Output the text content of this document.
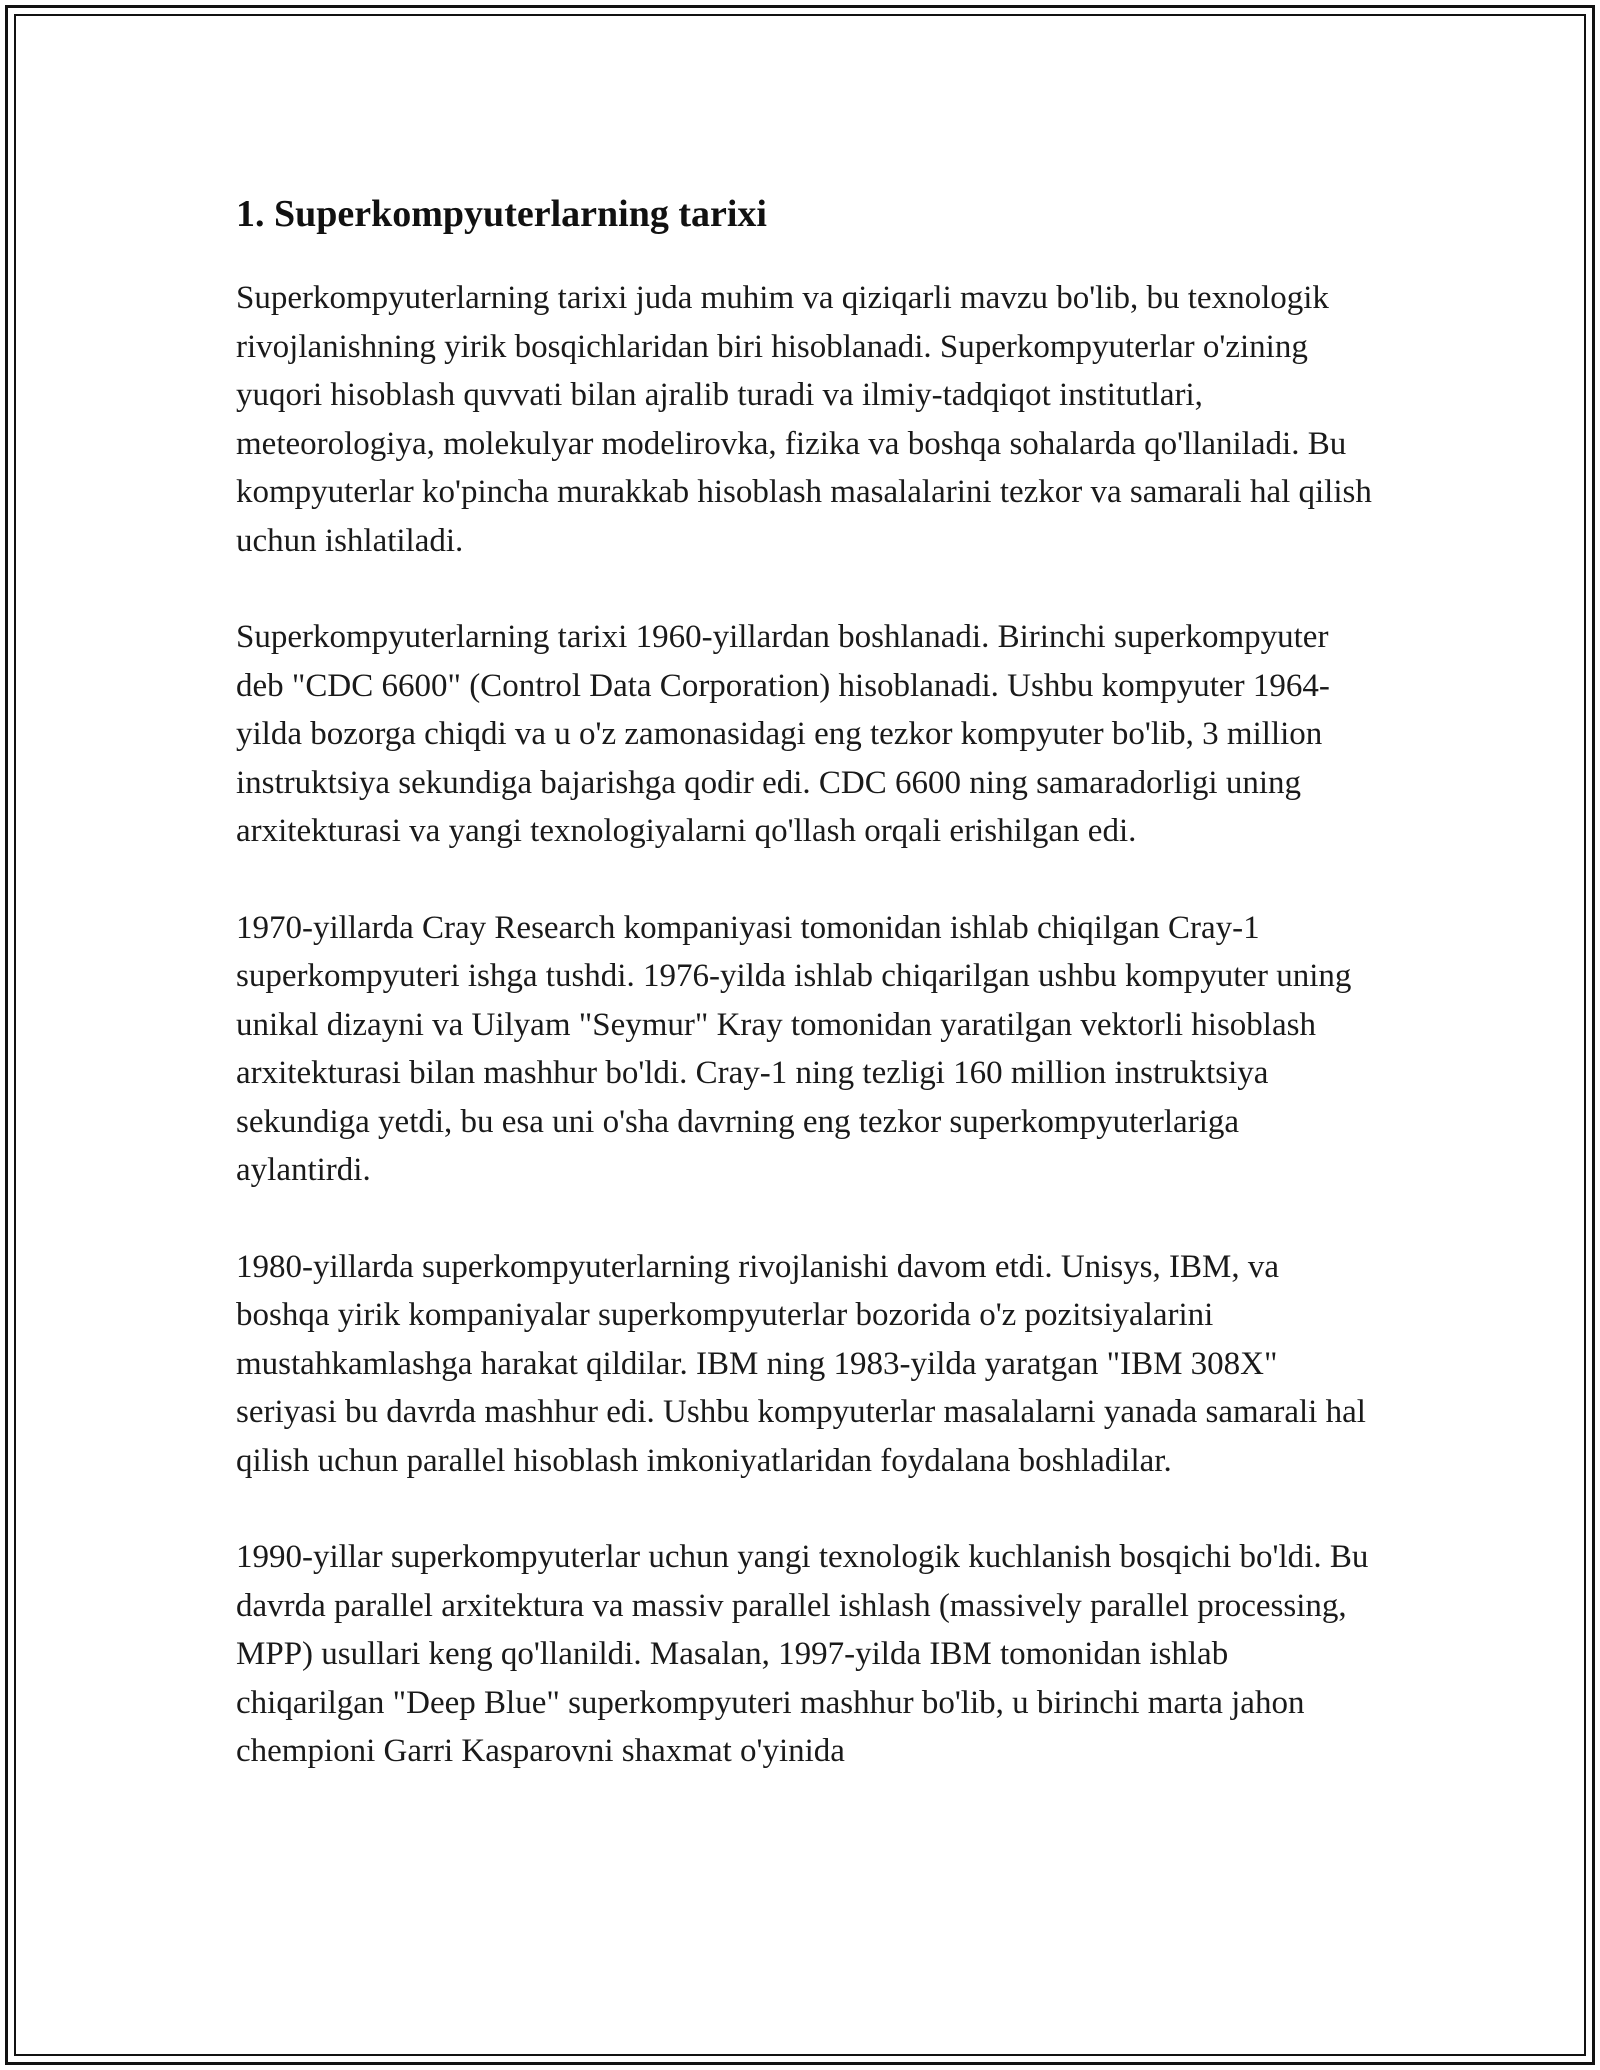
1. Superkompyuterlarning tarixi

Superkompyuterlarning tarixi juda muhim va qiziqarli mavzu bo'lib, bu texnologik rivojlanishning yirik bosqichlaridan biri hisoblanadi. Superkompyuterlar o'zining yuqori hisoblash quvvati bilan ajralib turadi va ilmiy-tadqiqot institutlari, meteorologiya, molekulyar modelirovka, fizika va boshqa sohalarda qo'llaniladi. Bu kompyuterlar ko'pincha murakkab hisoblash masalalarini tezkor va samarali hal qilish uchun ishlatiladi.

Superkompyuterlarning tarixi 1960-yillardan boshlanadi. Birinchi superkompyuter deb "CDC 6600" (Control Data Corporation) hisoblanadi. Ushbu kompyuter 1964-yilda bozorga chiqdi va u o'z zamonasidagi eng tezkor kompyuter bo'lib, 3 million instruktsiya sekundiga bajarishga qodir edi. CDC 6600 ning samaradorligi uning arxitekturasi va yangi texnologiyalarni qo'llash orqali erishilgan edi.

1970-yillarda Cray Research kompaniyasi tomonidan ishlab chiqilgan Cray-1 superkompyuteri ishga tushdi. 1976-yilda ishlab chiqarilgan ushbu kompyuter uning unikal dizayni va Uilyam "Seymur" Kray tomonidan yaratilgan vektorli hisoblash arxitekturasi bilan mashhur bo'ldi. Cray-1 ning tezligi 160 million instruktsiya sekundiga yetdi, bu esa uni o'sha davrning eng tezkor superkompyuterlariga aylantirdi.

1980-yillarda superkompyuterlarning rivojlanishi davom etdi. Unisys, IBM, va boshqa yirik kompaniyalar superkompyuterlar bozorida o'z pozitsiyalarini mustahkamlashga harakat qildilar. IBM ning 1983-yilda yaratgan "IBM 308X" seriyasi bu davrda mashhur edi. Ushbu kompyuterlar masalalarni yanada samarali hal qilish uchun parallel hisoblash imkoniyatlaridan foydalana boshladilar.

1990-yillar superkompyuterlar uchun yangi texnologik kuchlanish bosqichi bo'ldi. Bu davrda parallel arxitektura va massiv parallel ishlash (massively parallel processing, MPP) usullari keng qo'llanildi. Masalan, 1997-yilda IBM tomonidan ishlab chiqarilgan "Deep Blue" superkompyuteri mashhur bo'lib, u birinchi marta jahon chempioni Garri Kasparovni shaxmat o'yinida
